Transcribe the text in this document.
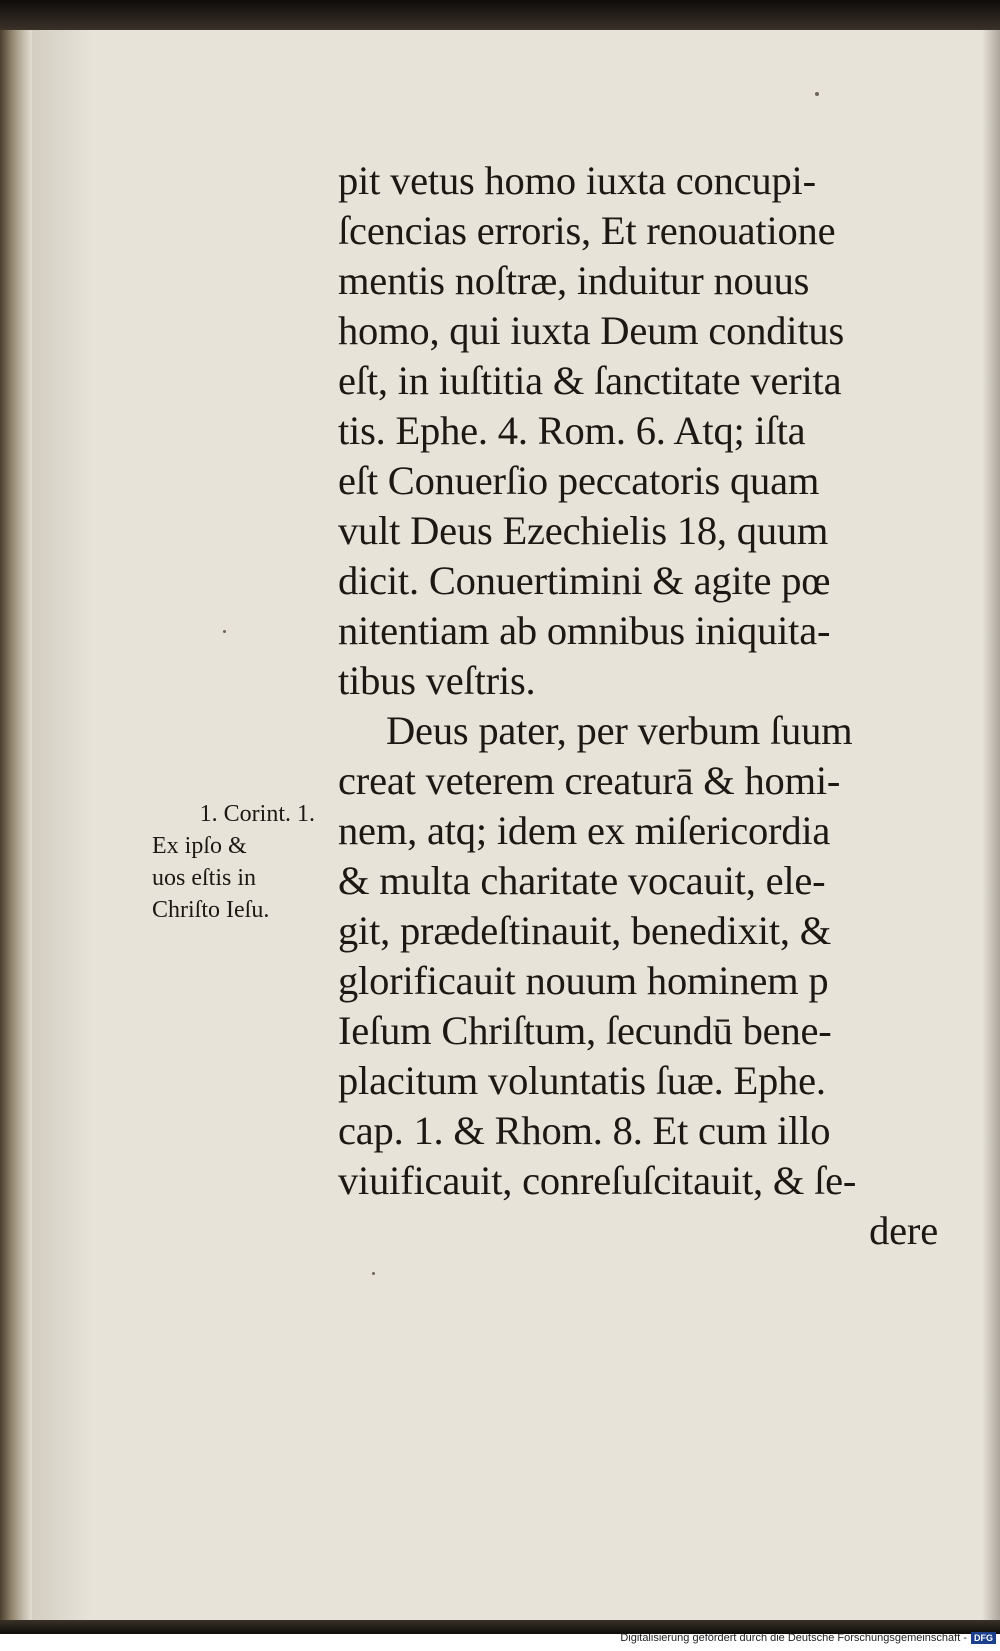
pit vetus homo iuxta concupi-
ſcencias erroris, Et renouatione
mentis noſtræ, induitur nouus
homo, qui iuxta Deum conditus
eſt, in iuſtitia & ſanctitate verita
tis. Ephe. 4. Rom. 6. Atq; iſta
eſt Conuerſio peccatoris quam
vult Deus Ezechielis 18, quum
dicit. Conuertimini & agite pœ
nitentiam ab omnibus iniquita-
tibus veſtris.
Deus pater, per verbum ſuum
creat veterem creaturā & homi-
nem, atq; idem ex miſericordia
& multa charitate vocauit, ele-
git, prædeſtinauit, benedixit, &
glorificauit nouum hominem p
Ieſum Chriſtum, ſecundū bene-
placitum voluntatis ſuæ. Ephe.
cap. 1. & Rhom. 8. Et cum illo
viuificauit, conreſuſcitauit, & ſe-
dere
1. Corint. 1.
Ex ipſo &
uos eſtis in
Chriſto Ieſu.
Digitalisierung gefördert durch die Deutsche Forschungsgemeinschaft - DFG
